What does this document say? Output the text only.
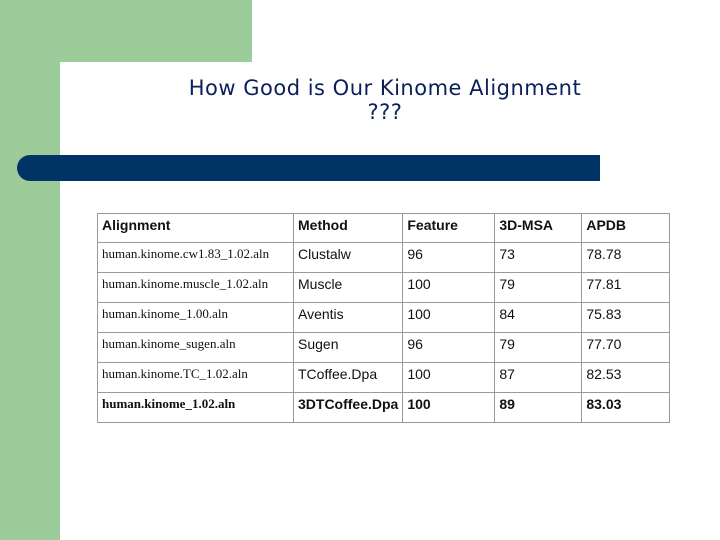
How Good is Our Kinome Alignment
???
Alignment	Method	Feature	3D-MSA	APDB
human.kinome.cw1.83_1.02.aln	Clustalw	96	73	78.78
human.kinome.muscle_1.02.aln	Muscle	100	79	77.81
human.kinome_1.00.aln	Aventis	100	84	75.83
human.kinome_sugen.aln	Sugen	96	79	77.70
human.kinome.TC_1.02.aln	TCoffee.Dpa	100	87	82.53
human.kinome_1.02.aln	3DTCoffee.Dpa	100	89	83.03
